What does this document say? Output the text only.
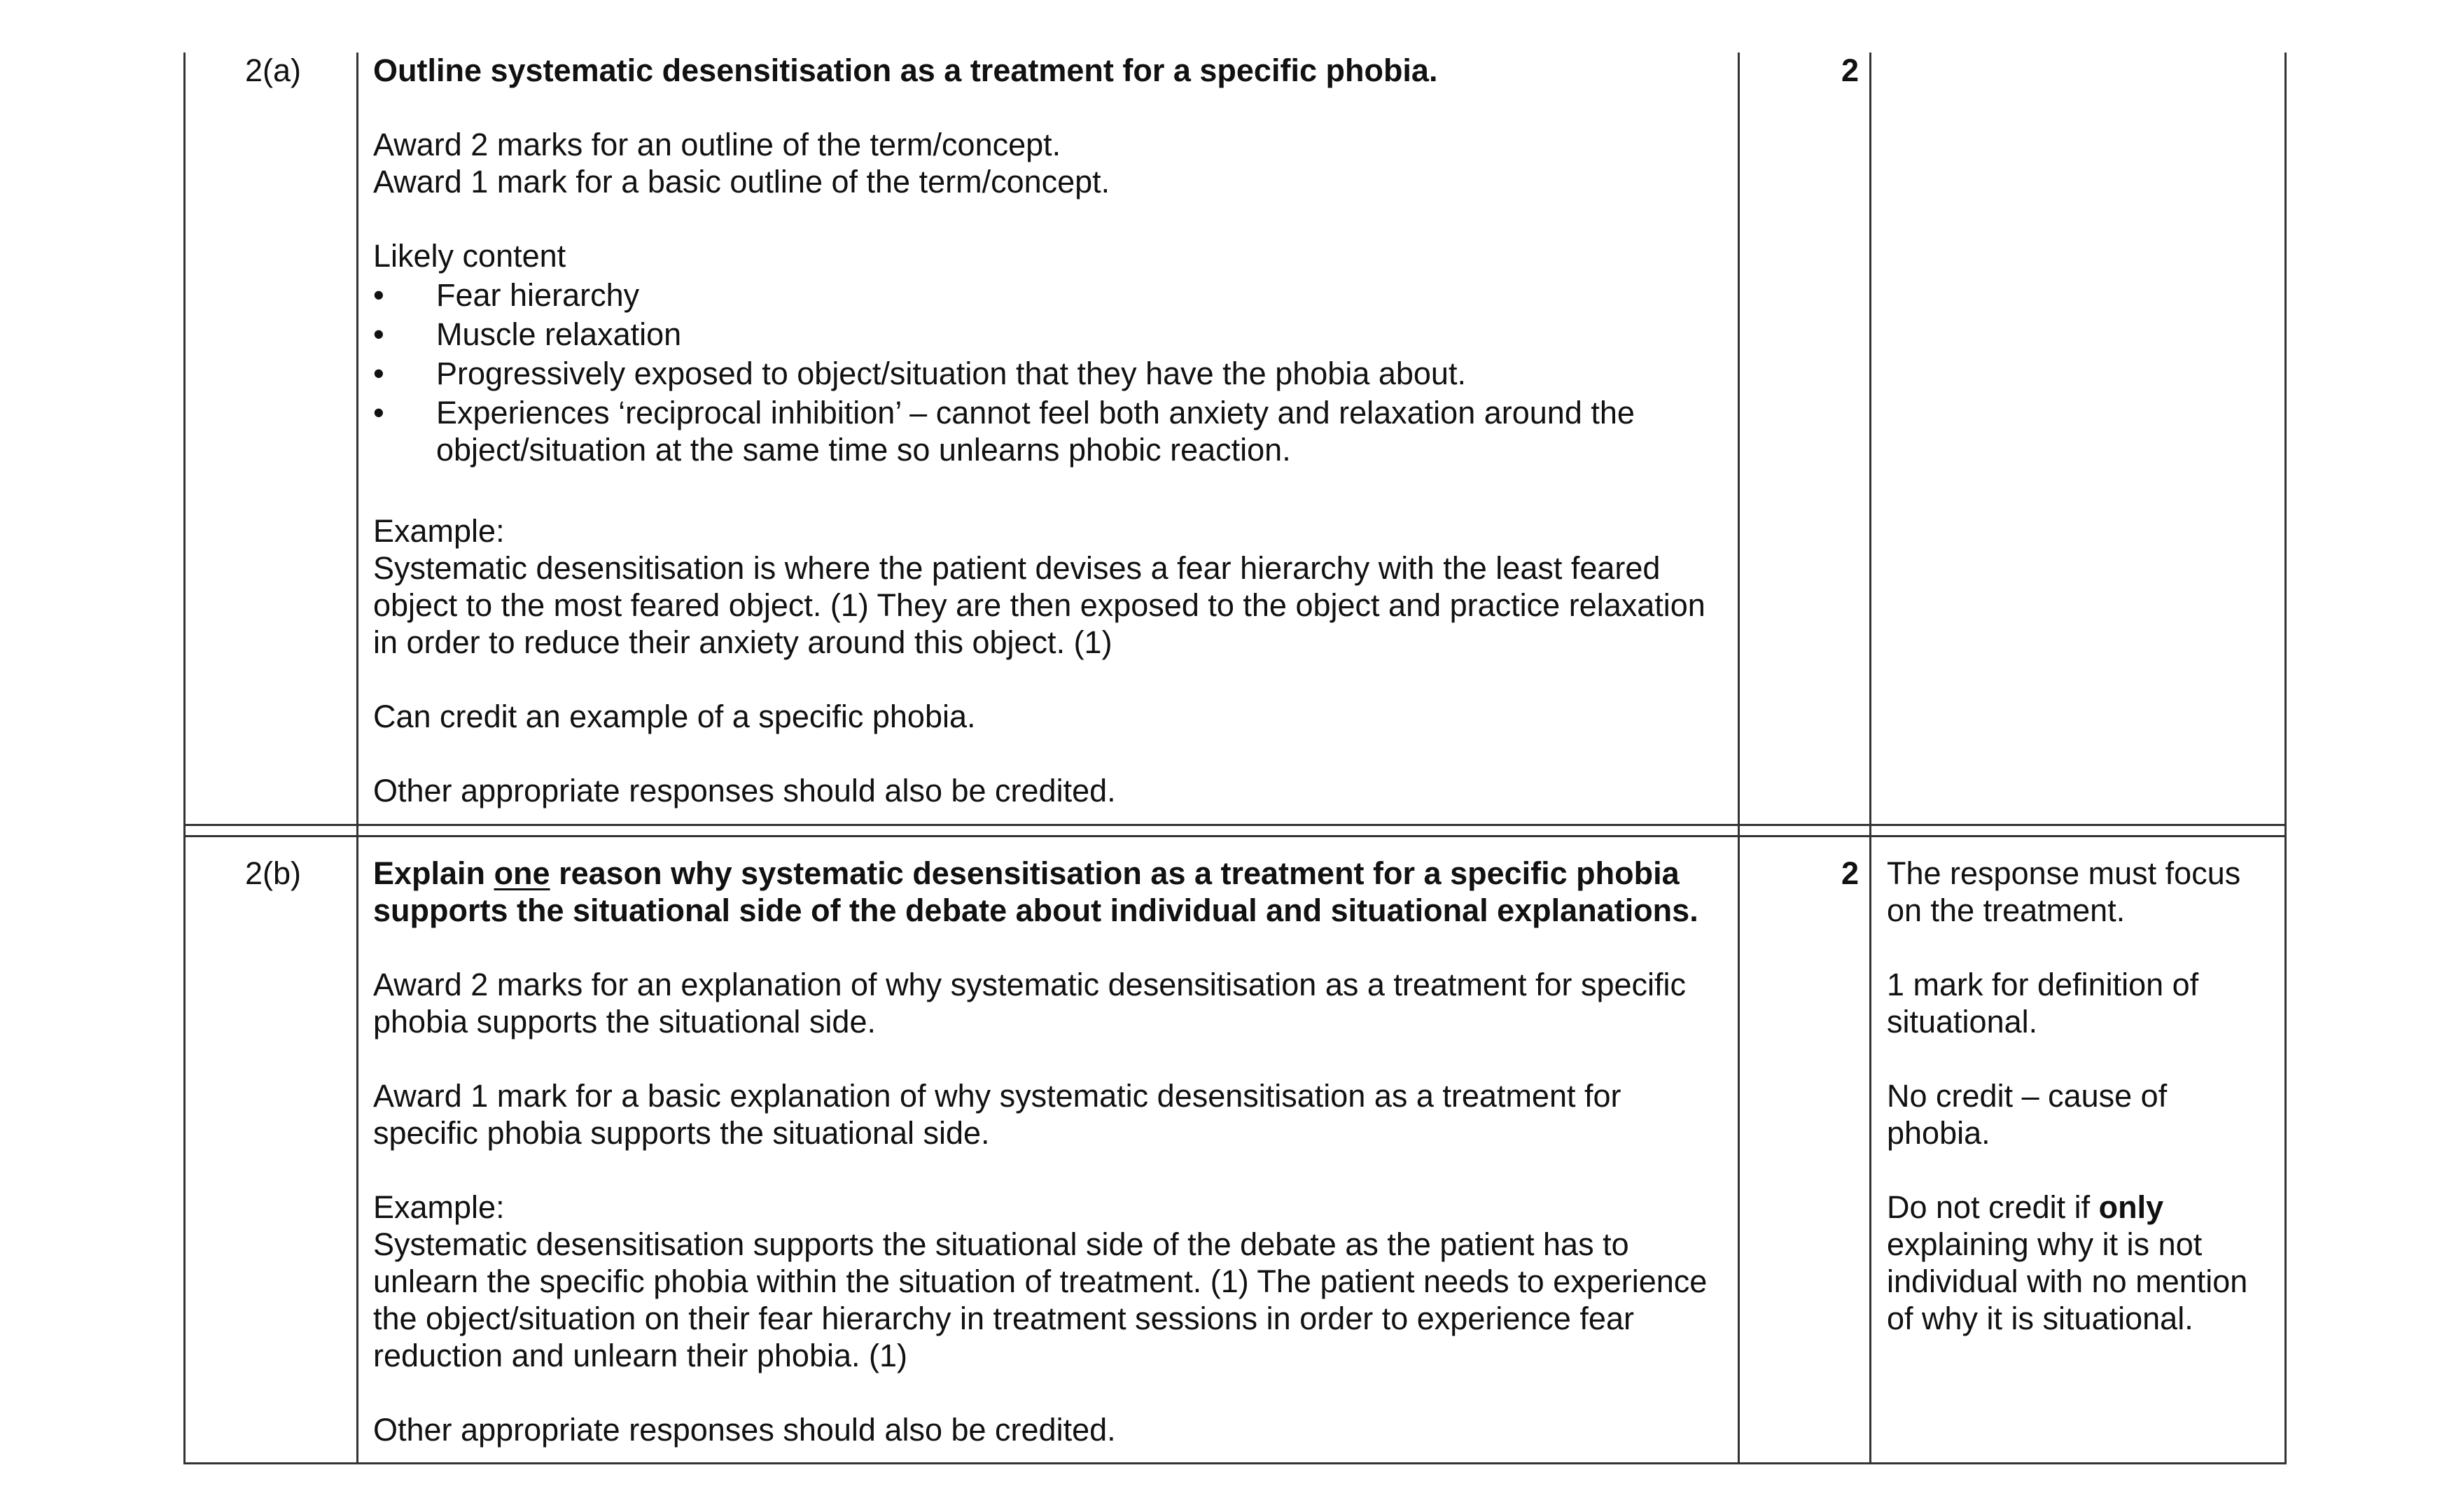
2(a) Outline systematic desensitisation as a treatment for a specific phobia.

Award 2 marks for an outline of the term/concept.

Award 1 mark for a basic outline of the term/concept.

Likely content

• Fear hierarchy
• Muscle relaxation
• Progressively exposed to object/situation that they have the phobia about.
• Experiences ‘reciprocal inhibition’ – cannot feel both anxiety and relaxation around the object/situation at the same time so unlearns phobic reaction.

Example:

Systematic desensitisation is where the patient devises a fear hierarchy with the least feared object to the most feared object. (1) They are then exposed to the object and practice relaxation in order to reduce their anxiety around this object. (1)

Can credit an example of a specific phobia.

Other appropriate responses should also be credited.

2
2(b) Explain one reason why systematic desensitisation as a treatment for a specific phobia supports the situational side of the debate about individual and situational explanations.

Award 2 marks for an explanation of why systematic desensitisation as a treatment for specific phobia supports the situational side.

Award 1 mark for a basic explanation of why systematic desensitisation as a treatment for specific phobia supports the situational side.

Example:

Systematic desensitisation supports the situational side of the debate as the patient has to unlearn the specific phobia within the situation of treatment. (1) The patient needs to experience the object/situation on their fear hierarchy in treatment sessions in order to experience fear reduction and unlearn their phobia. (1)

Other appropriate responses should also be credited.

2 The response must focus on the treatment.

1 mark for definition of situational.

No credit – cause of phobia.

Do not credit if only explaining why it is not individual with no mention of why it is situational.
